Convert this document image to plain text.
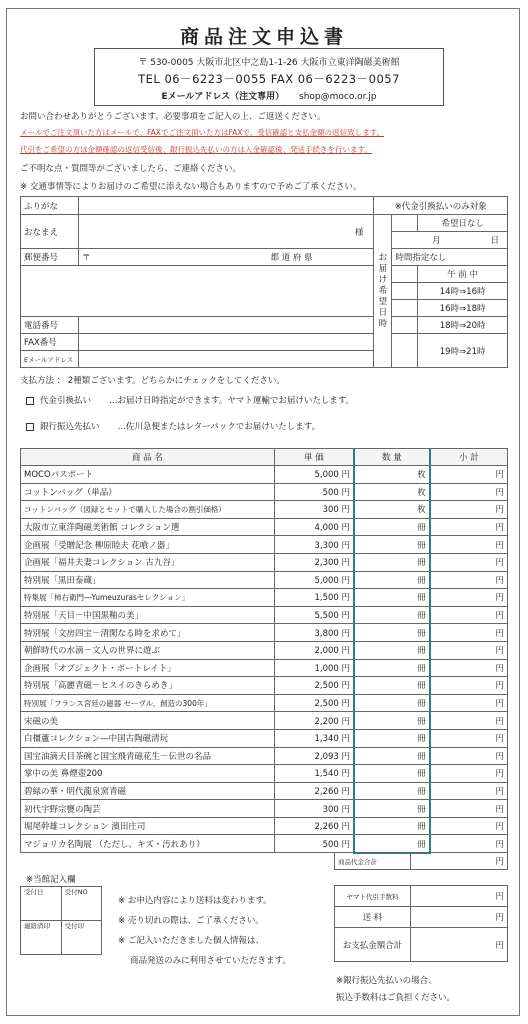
商品注文申込書
〒 530-0005 大阪市北区中之島1-1-26 大阪市立東洋陶磁美術館
TEL 06－6223－0055 FAX 06－6223－0057
Eメールアドレス（注文専用） shop@moco.or.jp
お問い合わせありがとうございます。必要事項をご記入の上、ご返送ください。
メールでご注文頂いた方はメールで、FAXでご注文頂いた方はFAXで、受信確認と支払金額の返信致します。
代引をご希望の方は金額確認の返信受信後、銀行振込先払いの方は入金確認後、発送手続きを行います。
ご不明な点・質問等がございましたら、ご連絡ください。
※ 交通事情等によりお届けのご希望に添えない場合もありますので予めご了承ください。
ふりがな		※代金引換払いのみ対象		
おなまえ	様	お届け希望日時		希望日なし
			月 日	
郵便番号	〒 都 道 府 県		時間指定なし	
				午 前 中
				14時⇒16時
				16時⇒18時
電話番号				18時⇒20時
FAX番号				19時⇒21時
Eメールアドレス				
支払方法 ： 2種類ございます。どちらかにチェックをしてください。
代金引換払い …お届け日時指定ができます。ヤマト運輸でお届けいたします。
銀行振込先払い …佐川急便またはレターパックでお届けいたします。
商 品 名	単 価	数 量	小 計
MOCOパスポート	5,000 円	枚	円
コットンバッグ（単品）	500 円	枚	円
コットンバッグ（図録とセットで購入した場合の割引価格）	300 円	枚	円
大阪市立東洋陶磁美術館 コレクション選	4,000 円	冊	円
企画展「受贈記念 柳原睦夫 花喰ノ器」	3,300 円	冊	円
企画展「福井夫妻コレクション 古九谷」	2,300 円	冊	円
特別展「黒田泰蔵」	5,000 円	冊	円
特集展「柿右衛門―Yumeuzurasセレクション」	1,500 円	冊	円
特別展「天目－中国黒釉の美」	5,500 円	冊	円
特別展「文房四宝－清閑なる時を求めて」	3,800 円	冊	円
朝鮮時代の水滴－文人の世界に遊ぶ	2,000 円	冊	円
企画展「オブジェクト・ポートレイト」	1,000 円	冊	円
特別展「高麗青磁－ヒスイのきらめき」	2,500 円	冊	円
特別展「フランス宮廷の磁器 セーヴル、創造の300年」	2,500 円	冊	円
宋磁の美	2,200 円	冊	円
白橿蘆コレクション―中国古陶磁清玩	1,340 円	冊	円
国宝油滴天目茶碗と国宝飛青磁花生－伝世の名品	2,093 円	冊	円
掌中の美 鼻煙壺200	1,540 円	冊	円
碧緑の華・明代龍泉窯青磁	2,260 円	冊	円
初代宇野宗甕の陶芸	300 円	冊	円
堀尾幹雄コレクション 濱田庄司	2,260 円	冊	円
マジョリカ名陶展 （ただし、キズ・汚れあり）	500 円	冊	円
※当館記入欄
受付日	受付NO
連絡済印	受付印
※ お申込内容により送料は変わります。
※ 売り切れの際は、ご了承ください。
※ ご記入いただきました個人情報は、
商品発送のみに利用させていただきます。
商品代金合計	円

ヤマト代引手数料	円
送 料	円
お支払金額合計	円
※銀行振込先払いの場合、
振込手数料はご負担ください。
